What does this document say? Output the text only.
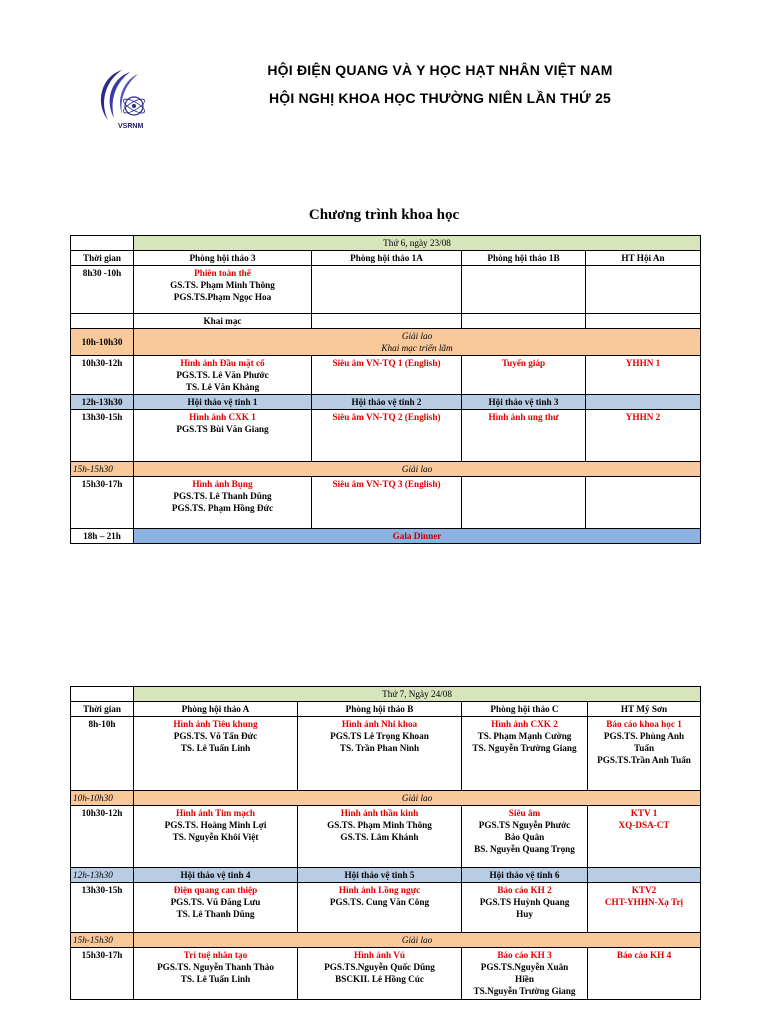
VSRNM
HỘI ĐIỆN QUANG VÀ Y HỌC HẠT NHÂN VIỆT NAM
HỘI NGHỊ KHOA HỌC THƯỜNG NIÊN LẦN THỨ 25
Chương trình khoa học
	Thứ 6, ngày 23/08			
Thời gian	Phòng hội thảo 3	Phòng hội thảo 1A	Phòng hội thảo 1B	HT Hội An
8h30 -10h	Phiên toàn thể
GS.TS. Phạm Minh Thông
PGS.TS.Phạm Ngọc Hoa			

	Khai mạc			
10h-10h30	Giải lao
Khai mạc triển lãm			

10h30-12h	Hình ảnh Đầu mặt cổ
PGS.TS. Lê Văn Phước
TS. Lê Văn Khảng	Siêu âm VN-TQ 1 (English)	Tuyến giáp	YHHN 1
12h-13h30	Hội thảo vệ tinh 1	Hội thảo vệ tinh 2	Hội thảo vệ tinh 3	
13h30-15h	Hình ảnh CXK 1
PGS.TS Bùi Văn Giang	Siêu âm VN-TQ 2 (English)	Hình ảnh ung thư	YHHN 2
15h-15h30	Giải lao			
15h30-17h	Hình ảnh Bụng
PGS.TS. Lê Thanh Dũng
PGS.TS. Phạm Hồng Đức	Siêu âm VN-TQ 3 (English)		
18h – 21h	Gala Dinner			
	Thứ 7, Ngày 24/08			
Thời gian	Phòng hội thảo A	Phòng hội thảo B	Phòng hội thảo C	HT Mỹ Sơn
8h-10h	Hình ảnh Tiêu khung
PGS.TS. Võ Tấn Đức
TS. Lê Tuấn Linh	Hình ảnh Nhi khoa
PGS.TS Lê Trọng Khoan
TS. Trần Phan Ninh	Hình ảnh CXK 2
TS. Phạm Mạnh Cường
TS. Nguyễn Trường Giang	Báo cáo khoa học 1
PGS.TS. Phùng Anh
Tuấn
PGS.TS.Trần Anh Tuấn

10h-10h30	Giải lao			
10h30-12h	Hình ảnh Tim mạch
PGS.TS. Hoàng Minh Lợi
TS. Nguyễn Khôi Việt	Hình ảnh thần kinh
GS.TS. Phạm Minh Thông
GS.TS. Lâm Khánh	Siêu âm
PGS.TS Nguyễn Phước
Bảo Quân
BS. Nguyễn Quang Trọng	KTV 1
XQ-DSA-CT

12h-13h30	Hội thảo vệ tinh 4	Hội thảo vệ tinh 5	Hội thảo vệ tinh 6	
13h30-15h	Điện quang can thiệp
PGS.TS. Vũ Đăng Lưu
TS. Lê Thanh Dũng	Hình ảnh Lồng ngực
PGS.TS. Cung Văn Công	Báo cáo KH 2
PGS.TS Huỳnh Quang
Huy	KTV2
CHT-YHHN-Xạ Trị

15h-15h30	Giải lao			
15h30-17h	Trí tuệ nhân tạo
PGS.TS. Nguyễn Thanh Thảo
TS. Lê Tuấn Linh	Hình ảnh Vú
PGS.TS.Nguyễn Quốc Dũng
BSCKII. Lê Hồng Cúc	Báo cáo KH 3
PGS.TS.Nguyễn Xuân
Hiền
TS.Nguyễn Trường Giang	Báo cáo KH 4
